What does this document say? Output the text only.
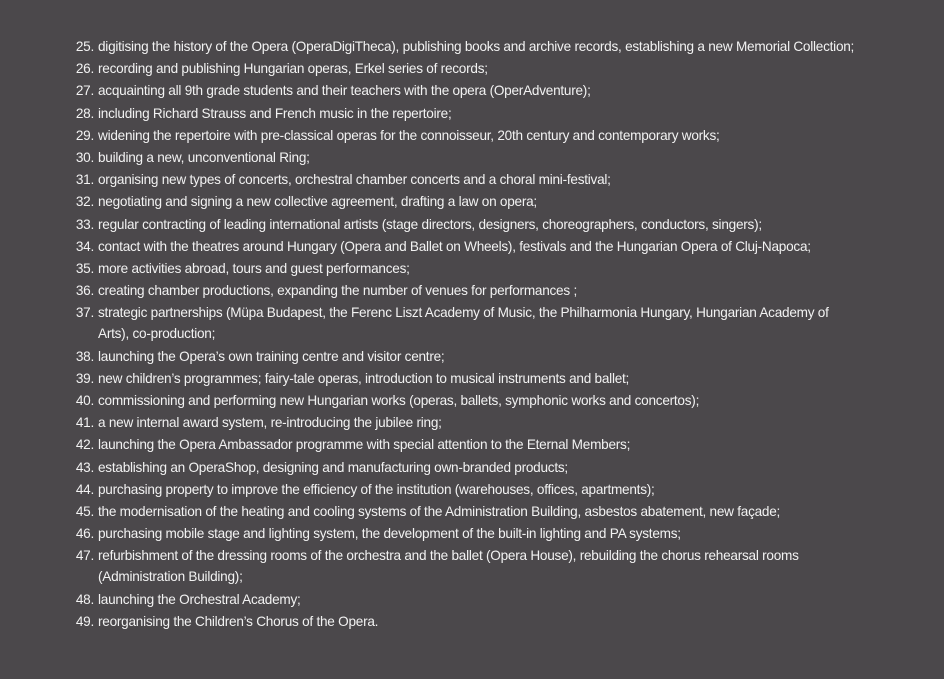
25. digitising the history of the Opera (OperaDigiTheca), publishing books and archive records, establishing a new Memorial Collection;
26. recording and publishing Hungarian operas, Erkel series of records;
27. acquainting all 9th grade students and their teachers with the opera (OperAdventure);
28. including Richard Strauss and French music in the repertoire;
29. widening the repertoire with pre-classical operas for the connoisseur, 20th century and contemporary works;
30. building a new, unconventional Ring;
31. organising new types of concerts, orchestral chamber concerts and a choral mini-festival;
32. negotiating and signing a new collective agreement, drafting a law on opera;
33. regular contracting of leading international artists (stage directors, designers, choreographers, conductors, singers);
34. contact with the theatres around Hungary (Opera and Ballet on Wheels), festivals and the Hungarian Opera of Cluj-Napoca;
35. more activities abroad, tours and guest performances;
36. creating chamber productions, expanding the number of venues for performances ;
37. strategic partnerships (Müpa Budapest, the Ferenc Liszt Academy of Music, the Philharmonia Hungary, Hungarian Academy of Arts), co-production;
38. launching the Opera’s own training centre and visitor centre;
39. new children’s programmes; fairy-tale operas, introduction to musical instruments and ballet;
40. commissioning and performing new Hungarian works (operas, ballets, symphonic works and concertos);
41. a new internal award system, re-introducing the jubilee ring;
42. launching the Opera Ambassador programme with special attention to the Eternal Members;
43. establishing an OperaShop, designing and manufacturing own-branded products;
44. purchasing property to improve the efficiency of the institution (warehouses, offices, apartments);
45. the modernisation of the heating and cooling systems of the Administration Building, asbestos abatement, new façade;
46. purchasing mobile stage and lighting system, the development of the built-in lighting and PA systems;
47. refurbishment of the dressing rooms of the orchestra and the ballet (Opera House), rebuilding the chorus rehearsal rooms (Administration Building);
48. launching the Orchestral Academy;
49. reorganising the Children’s Chorus of the Opera.
